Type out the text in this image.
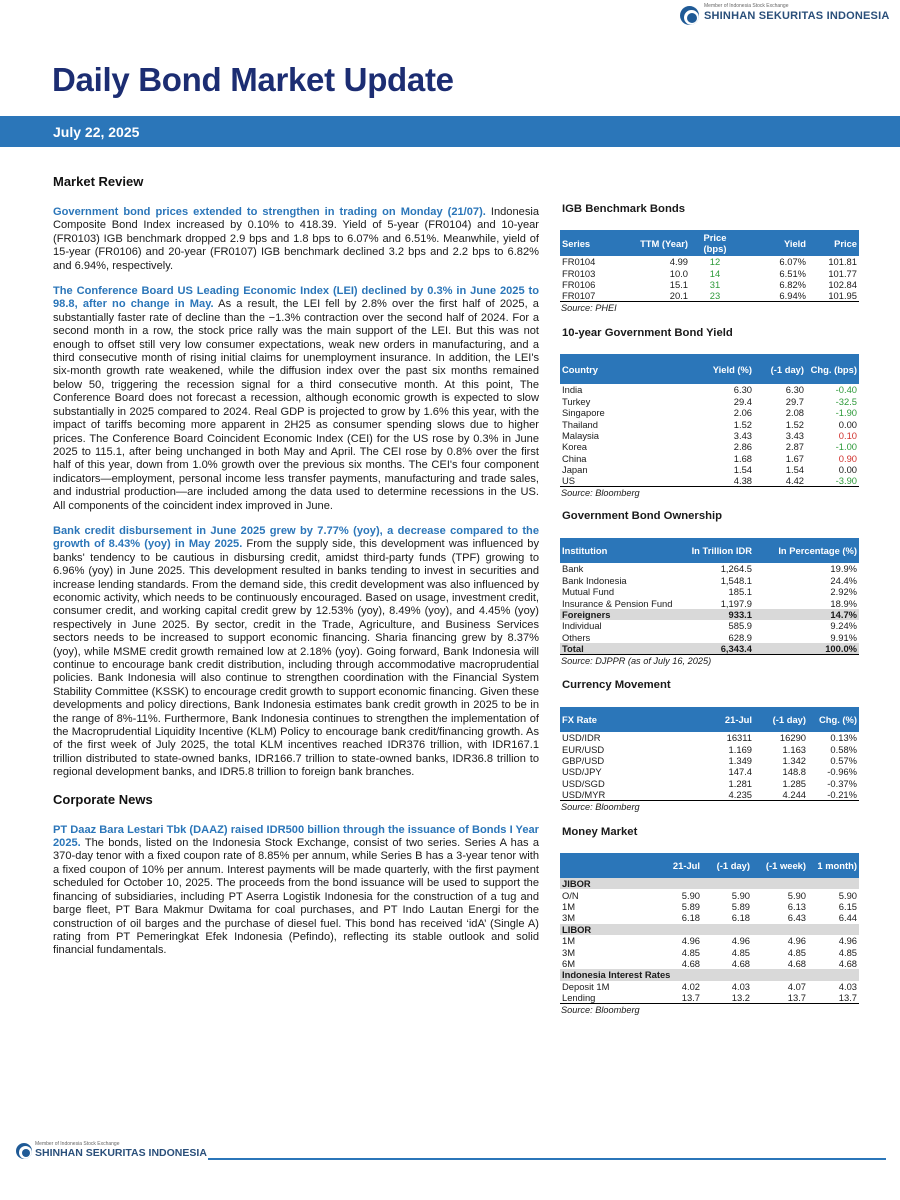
Member of Indonesia Stock Exchange
SHINHAN SEKURITAS INDONESIA
Daily Bond Market Update
July 22, 2025
Market Review

Government bond prices extended to strengthen in trading on Monday (21/07). Indonesia Composite Bond Index increased by 0.10% to 418.39. Yield of 5-year (FR0104) and 10-year (FR0103) IGB benchmark dropped 2.9 bps and 1.8 bps to 6.07% and 6.51%. Meanwhile, yield of 15-year (FR0106) and 20-year (FR0107) IGB benchmark declined 3.2 bps and 2.2 bps to 6.82% and 6.94%, respectively.

The Conference Board US Leading Economic Index (LEI) declined by 0.3% in June 2025 to 98.8, after no change in May. As a result, the LEI fell by 2.8% over the first half of 2025, a substantially faster rate of decline than the −1.3% contraction over the second half of 2024. For a second month in a row, the stock price rally was the main support of the LEI. But this was not enough to offset still very low consumer expectations, weak new orders in manufacturing, and a third consecutive month of rising initial claims for unemployment insurance. In addition, the LEI's six-month growth rate weakened, while the diffusion index over the past six months remained below 50, triggering the recession signal for a third consecutive month. At this point, The Conference Board does not forecast a recession, although economic growth is expected to slow substantially in 2025 compared to 2024. Real GDP is projected to grow by 1.6% this year, with the impact of tariffs becoming more apparent in 2H25 as consumer spending slows due to higher prices. The Conference Board Coincident Economic Index (CEI) for the US rose by 0.3% in June 2025 to 115.1, after being unchanged in both May and April. The CEI rose by 0.8% over the first half of this year, down from 1.0% growth over the previous six months. The CEI's four component indicators—employment, personal income less transfer payments, manufacturing and trade sales, and industrial production—are included among the data used to determine recessions in the US. All components of the coincident index improved in June.

Bank credit disbursement in June 2025 grew by 7.77% (yoy), a decrease compared to the growth of 8.43% (yoy) in May 2025. From the supply side, this development was influenced by banks' tendency to be cautious in disbursing credit, amidst third-party funds (TPF) growing to 6.96% (yoy) in June 2025. This development resulted in banks tending to invest in securities and increase lending standards. From the demand side, this credit development was also influenced by economic activity, which needs to be continuously encouraged. Based on usage, investment credit, consumer credit, and working capital credit grew by 12.53% (yoy), 8.49% (yoy), and 4.45% (yoy) respectively in June 2025. By sector, credit in the Trade, Agriculture, and Business Services sectors needs to be increased to support economic financing. Sharia financing grew by 8.37% (yoy), while MSME credit growth remained low at 2.18% (yoy). Going forward, Bank Indonesia will continue to encourage bank credit distribution, including through accommodative macroprudential policies. Bank Indonesia will also continue to strengthen coordination with the Financial System Stability Committee (KSSK) to encourage credit growth to support economic financing. Given these developments and policy directions, Bank Indonesia estimates bank credit growth in 2025 to be in the range of 8%-11%. Furthermore, Bank Indonesia continues to strengthen the implementation of the Macroprudential Liquidity Incentive (KLM) Policy to encourage bank credit/financing growth. As of the first week of July 2025, the total KLM incentives reached IDR376 trillion, with IDR167.1 trillion distributed to state-owned banks, IDR166.7 trillion to state-owned banks, IDR36.8 trillion to regional development banks, and IDR5.8 trillion to foreign bank branches.

Corporate News

PT Daaz Bara Lestari Tbk (DAAZ) raised IDR500 billion through the issuance of Bonds I Year 2025. The bonds, listed on the Indonesia Stock Exchange, consist of two series. Series A has a 370-day tenor with a fixed coupon rate of 8.85% per annum, while Series B has a 3-year tenor with a fixed coupon of 10% per annum. Interest payments will be made quarterly, with the first payment scheduled for October 10, 2025. The proceeds from the bond issuance will be used to support the financing of subsidiaries, including PT Aserra Logistik Indonesia for the construction of a tug and barge fleet, PT Bara Makmur Dwitama for coal purchases, and PT Indo Lautan Energi for the construction of oil barges and the purchase of diesel fuel. This bond has received ‘idA’ (Single A) rating from PT Pemeringkat Efek Indonesia (Pefindo), reflecting its stable outlook and solid financial fundamentals.

IGB Benchmark Bonds
Series	TTM (Year)	Price (bps)	Yield	Price
FR0104	4.99	12	6.07%	101.81
FR0103	10.0	14	6.51%	101.77
FR0106	15.1	31	6.82%	102.84
FR0107	20.1	23	6.94%	101.95
Source: PHEI
10-year Government Bond Yield
Country	Yield (%)	(-1 day)	Chg. (bps)
India	6.30	6.30	-0.40
Turkey	29.4	29.7	-32.5
Singapore	2.06	2.08	-1.90
Thailand	1.52	1.52	0.00
Malaysia	3.43	3.43	0.10
Korea	2.86	2.87	-1.00
China	1.68	1.67	0.90
Japan	1.54	1.54	0.00
US	4.38	4.42	-3.90
Source: Bloomberg
Government Bond Ownership
Institution	In Trillion IDR	In Percentage (%)
Bank	1,264.5	19.9%
Bank Indonesia	1,548.1	24.4%
Mutual Fund	185.1	2.92%
Insurance & Pension Fund	1,197.9	18.9%
Foreigners	933.1	14.7%
Individual	585.9	9.24%
Others	628.9	9.91%
Total	6,343.4	100.0%
Source: DJPPR (as of July 16, 2025)
Currency Movement
FX Rate	21-Jul	(-1 day)	Chg. (%)
USD/IDR	16311	16290	0.13%
EUR/USD	1.169	1.163	0.58%
GBP/USD	1.349	1.342	0.57%
USD/JPY	147.4	148.8	-0.96%
USD/SGD	1.281	1.285	-0.37%
USD/MYR	4.235	4.244	-0.21%
Source: Bloomberg
Money Market
	21-Jul	(-1 day)	(-1 week)	1 month)
JIBOR				
O/N	5.90	5.90	5.90	5.90
1M	5.89	5.89	6.13	6.15
3M	6.18	6.18	6.43	6.44
LIBOR				
1M	4.96	4.96	4.96	4.96
3M	4.85	4.85	4.85	4.85
6M	4.68	4.68	4.68	4.68
Indonesia Interest Rates				
Deposit 1M	4.02	4.03	4.07	4.03
Lending	13.7	13.2	13.7	13.7
Source: Bloomberg
Member of Indonesia Stock Exchange
SHINHAN SEKURITAS INDONESIA
